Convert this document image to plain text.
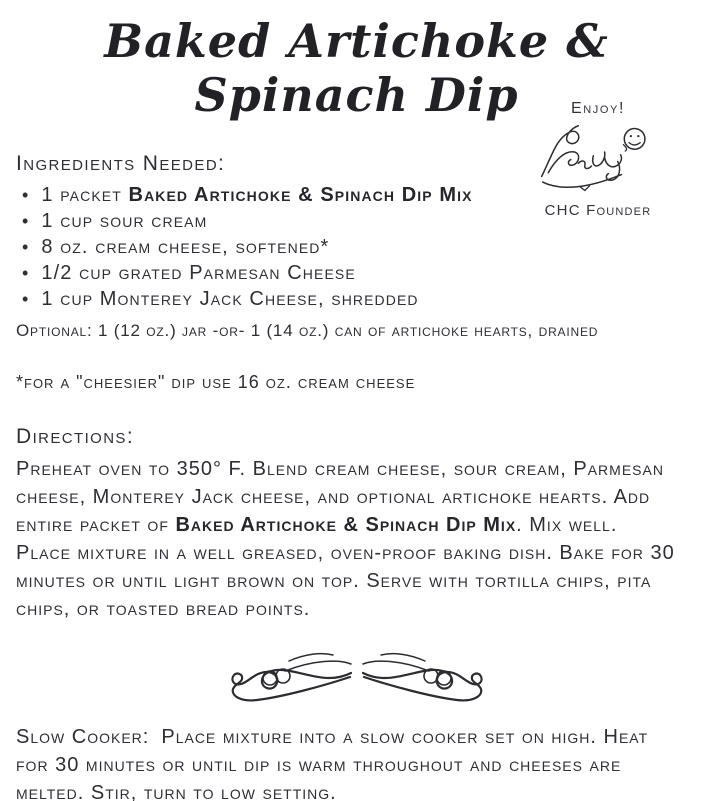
Baked Artichoke & Spinach Dip
Ingredients Needed:
• 1 packet Baked Artichoke & Spinach Dip Mix
• 1 cup sour cream
• 8 oz. cream cheese, softened*
• 1/2 cup grated Parmesan Cheese
• 1 cup Monterey Jack Cheese, shredded
Optional: 1 (12 oz.) jar -or- 1 (14 oz.) can of artichoke hearts, drained
*for a "cheesier" dip use 16 oz. cream cheese
Directions:

Preheat oven to 350° F. Blend cream cheese, sour cream, Parmesan cheese, Monterey Jack cheese, and optional artichoke hearts. Add entire packet of Baked Artichoke & Spinach Dip Mix. Mix well. Place mixture in a well greased, oven-proof baking dish. Bake for 30 minutes or until light brown on top. Serve with tortilla chips, pita chips, or toasted bread points.

Slow Cooker: Place mixture into a slow cooker set on high. Heat for 30 minutes or until dip is warm throughout and cheeses are melted. Stir, turn to low setting.

Enjoy!
CHC Founder
